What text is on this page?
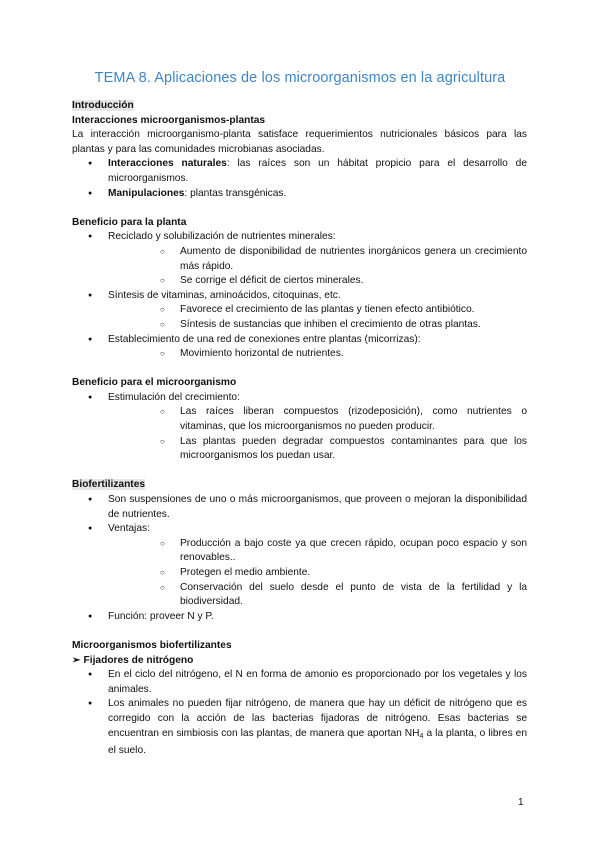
TEMA 8. Aplicaciones de los microorganismos en la agricultura

Introducción

Interacciones microorganismos-plantas

La interacción microorganismo-planta satisface requerimientos nutricionales básicos para las plantas y para las comunidades microbianas asociadas.

● Interacciones naturales: las raíces son un hábitat propicio para el desarrollo de microorganismos.
● Manipulaciones: plantas transgénicas.

Beneficio para la planta

● Reciclado y solubilización de nutrientes minerales:
○ Aumento de disponibilidad de nutrientes inorgánicos genera un crecimiento más rápido.
○ Se corrige el déficit de ciertos minerales.
● Síntesis de vitaminas, aminoácidos, citoquinas, etc.
○ Favorece el crecimiento de las plantas y tienen efecto antibiótico.
○ Síntesis de sustancias que inhiben el crecimiento de otras plantas.
● Establecimiento de una red de conexiones entre plantas (micorrizas):
○ Movimiento horizontal de nutrientes.

Beneficio para el microorganismo

● Estimulación del crecimiento:
○ Las raíces liberan compuestos (rizodeposición), como nutrientes o vitaminas, que los microorganismos no pueden producir.
○ Las plantas pueden degradar compuestos contaminantes para que los microorganismos los puedan usar.

Biofertilizantes

● Son suspensiones de uno o más microorganismos, que proveen o mejoran la disponibilidad de nutrientes.
● Ventajas:
○ Producción a bajo coste ya que crecen rápido, ocupan poco espacio y son renovables..
○ Protegen el medio ambiente.
○ Conservación del suelo desde el punto de vista de la fertilidad y la biodiversidad.
● Función: proveer N y P.

Microorganismos biofertilizantes

➢ Fijadores de nitrógeno

● En el ciclo del nitrógeno, el N en forma de amonio es proporcionado por los vegetales y los animales.
● Los animales no pueden fijar nitrógeno, de manera que hay un déficit de nitrógeno que es corregido con la acción de las bacterias fijadoras de nitrógeno. Esas bacterias se encuentran en simbiosis con las plantas, de manera que aportan $NH_4$ a la planta, o libres en el suelo.
1
